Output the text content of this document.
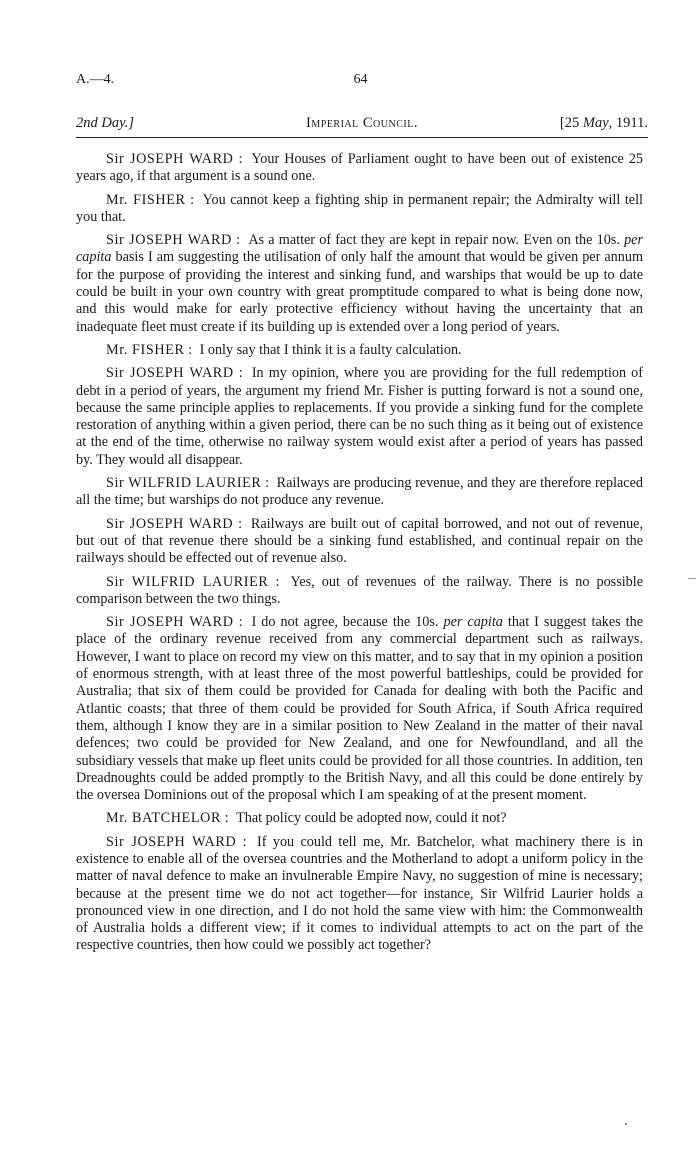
A.—4.	64
2nd Day.]	Imperial Council.	[25 May, 1911.

Sir JOSEPH WARD : Your Houses of Parliament ought to have been out of existence 25 years ago, if that argument is a sound one.

Mr. FISHER : You cannot keep a fighting ship in permanent repair; the Admiralty will tell you that.

Sir JOSEPH WARD : As a matter of fact they are kept in repair now. Even on the 10s. per capita basis I am suggesting the utilisation of only half the amount that would be given per annum for the purpose of providing the interest and sinking fund, and warships that would be up to date could be built in your own country with great promptitude compared to what is being done now, and this would make for early protective efficiency without having the uncertainty that an inadequate fleet must create if its building up is extended over a long period of years.

Mr. FISHER : I only say that I think it is a faulty calculation.

Sir JOSEPH WARD : In my opinion, where you are providing for the full redemption of debt in a period of years, the argument my friend Mr. Fisher is putting forward is not a sound one, because the same principle applies to replacements. If you provide a sinking fund for the complete restoration of anything within a given period, there can be no such thing as it being out of existence at the end of the time, otherwise no railway system would exist after a period of years has passed by. They would all disappear.

Sir WILFRID LAURIER : Railways are producing revenue, and they are therefore replaced all the time; but warships do not produce any revenue.

Sir JOSEPH WARD : Railways are built out of capital borrowed, and not out of revenue, but out of that revenue there should be a sinking fund established, and continual repair on the railways should be effected out of revenue also.

Sir WILFRID LAURIER : Yes, out of revenues of the railway. There is no possible comparison between the two things.

Sir JOSEPH WARD : I do not agree, because the 10s. per capita that I suggest takes the place of the ordinary revenue received from any commercial department such as railways. However, I want to place on record my view on this matter, and to say that in my opinion a position of enormous strength, with at least three of the most powerful battleships, could be provided for Australia; that six of them could be provided for Canada for dealing with both the Pacific and Atlantic coasts; that three of them could be provided for South Africa, if South Africa required them, although I know they are in a similar position to New Zealand in the matter of their naval defences; two could be provided for New Zealand, and one for Newfoundland, and all the subsidiary vessels that make up fleet units could be provided for all those countries. In addition, ten Dreadnoughts could be added promptly to the British Navy, and all this could be done entirely by the oversea Dominions out of the proposal which I am speaking of at the present moment.

Mr. BATCHELOR : That policy could be adopted now, could it not?

Sir JOSEPH WARD : If you could tell me, Mr. Batchelor, what machinery there is in existence to enable all of the oversea countries and the Motherland to adopt a uniform policy in the matter of naval defence to make an invulnerable Empire Navy, no suggestion of mine is necessary; because at the present time we do not act together—for instance, Sir Wilfrid Laurier holds a pronounced view in one direction, and I do not hold the same view with him: the Commonwealth of Australia holds a different view; if it comes to individual attempts to act on the part of the respective countries, then how could we possibly act together?
